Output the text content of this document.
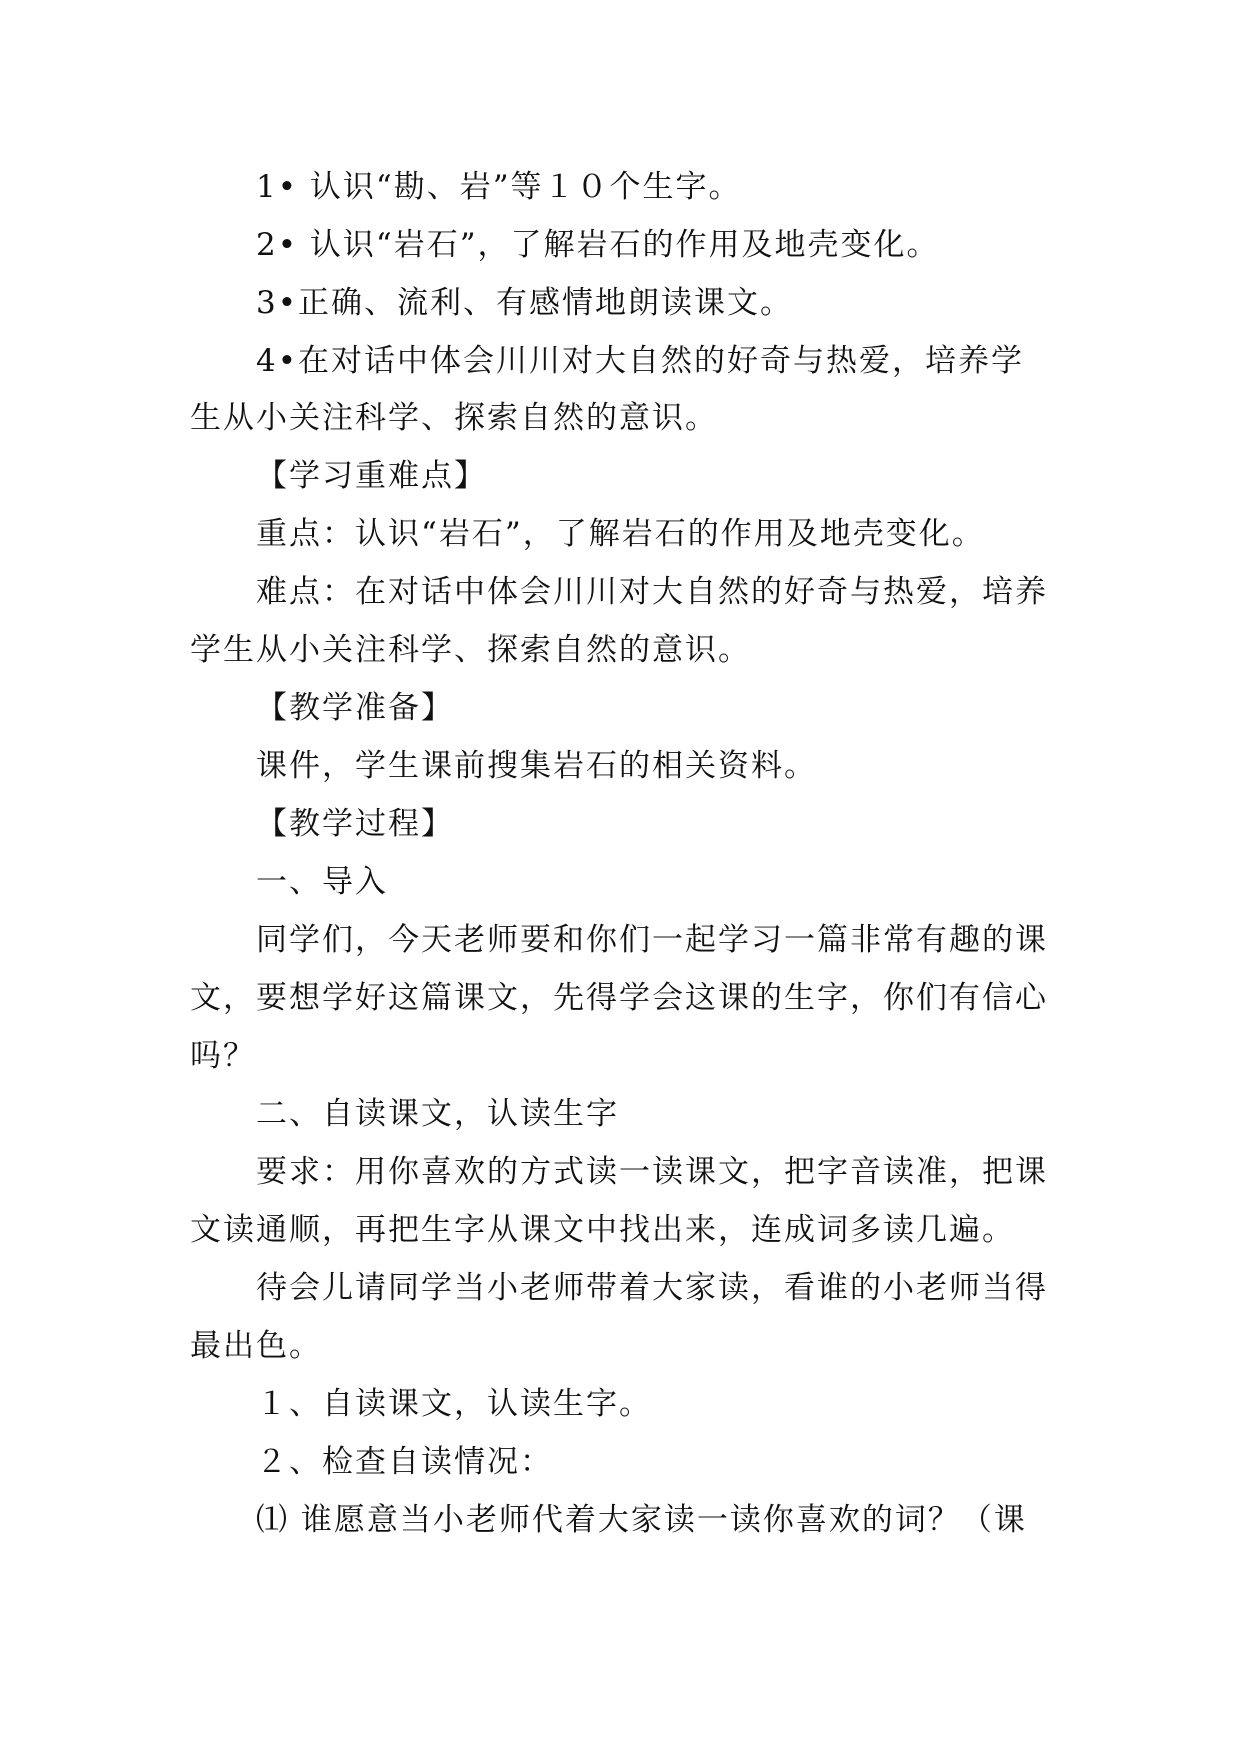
1• 认识“勘、岩”等１０个生字。
2• 认识“岩石”，了解岩石的作用及地壳变化。
3•正确、流利、有感情地朗读课文。
4•在对话中体会川川对大自然的好奇与热爱，培养学
生从小关注科学、探索自然的意识。
【学习重难点】
重点：认识“岩石”，了解岩石的作用及地壳变化。
难点：在对话中体会川川对大自然的好奇与热爱，培养
学生从小关注科学、探索自然的意识。
【教学准备】
课件，学生课前搜集岩石的相关资料。
【教学过程】
一、导入
同学们，今天老师要和你们一起学习一篇非常有趣的课
文，要想学好这篇课文，先得学会这课的生字，你们有信心
吗？
二、自读课文，认读生字
要求：用你喜欢的方式读一读课文，把字音读准，把课
文读通顺，再把生字从课文中找出来，连成词多读几遍。
待会儿请同学当小老师带着大家读，看谁的小老师当得
最出色。
１、自读课文，认读生字。
２、检查自读情况：
⑴ 谁愿意当小老师代着大家读一读你喜欢的词？（课
